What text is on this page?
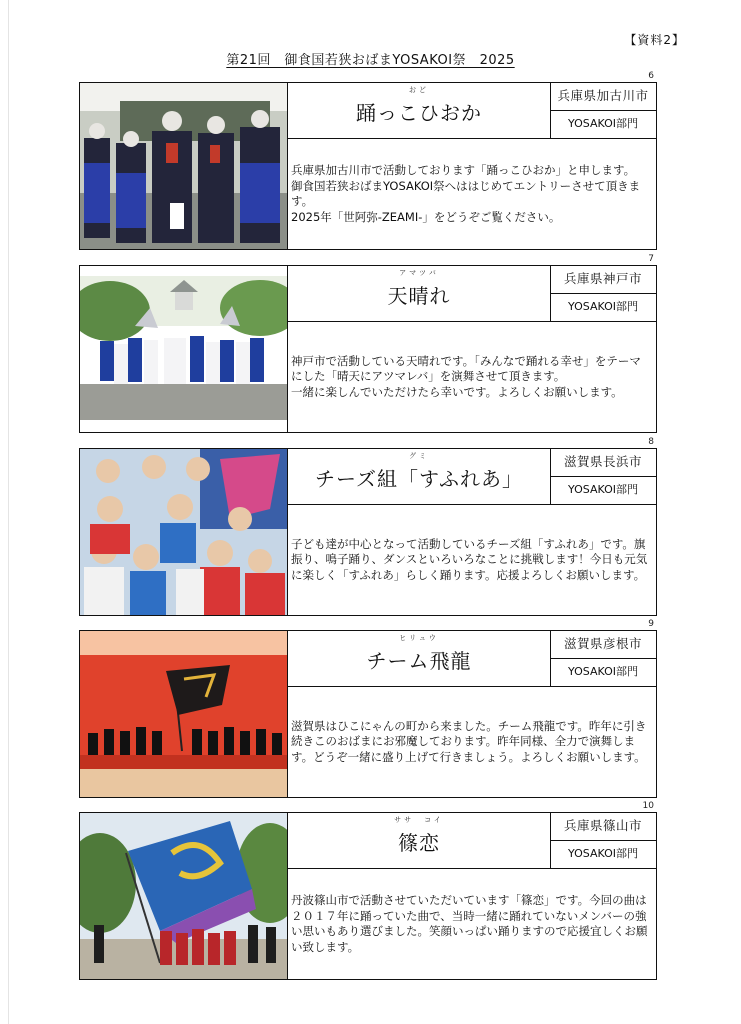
【資料2】
第21回　御食国若狭おばまYOSAKOI祭　2025
6
おど
踊っこひおか
兵庫県加古川市
YOSAKOI部門

兵庫県加古川市で活動しております「踊っこひおか」と申します。
御食国若狭おばまYOSAKOI祭へははじめてエントリーさせて頂きます。
2025年「世阿弥-ZEAMI-」をどうぞご覧ください。

7
アマツバ
天晴れ
兵庫県神戸市
YOSAKOI部門

神戸市で活動している天晴れです。「みんなで踊れる幸せ」をテーマにした「晴天にアツマレバ」を演舞させて頂きます。
一緒に楽しんでいただけたら幸いです。よろしくお願いします。

8
グミ
チーズ組「すふれあ」
滋賀県長浜市
YOSAKOI部門

子ども達が中心となって活動しているチーズ組「すふれあ」です。旗振り、鳴子踊り、ダンスといろいろなことに挑戦します！今日も元気に楽しく「すふれあ」らしく踊ります。応援よろしくお願いします。

9
ヒリュウ
チーム飛龍
滋賀県彦根市
YOSAKOI部門

滋賀県はひこにゃんの町から来ました。チーム飛龍です。昨年に引き続きこのおばまにお邪魔しております。昨年同様、全力で演舞します。どうぞ一緒に盛り上げて行きましょう。よろしくお願いします。

10
ササ　コイ
篠恋
兵庫県篠山市
YOSAKOI部門

丹波篠山市で活動させていただいています「篠恋」です。今回の曲は２０１７年に踊っていた曲で、当時一緒に踊れていないメンバーの強い思いもあり選びました。笑顔いっぱい踊りますので応援宜しくお願い致します。
